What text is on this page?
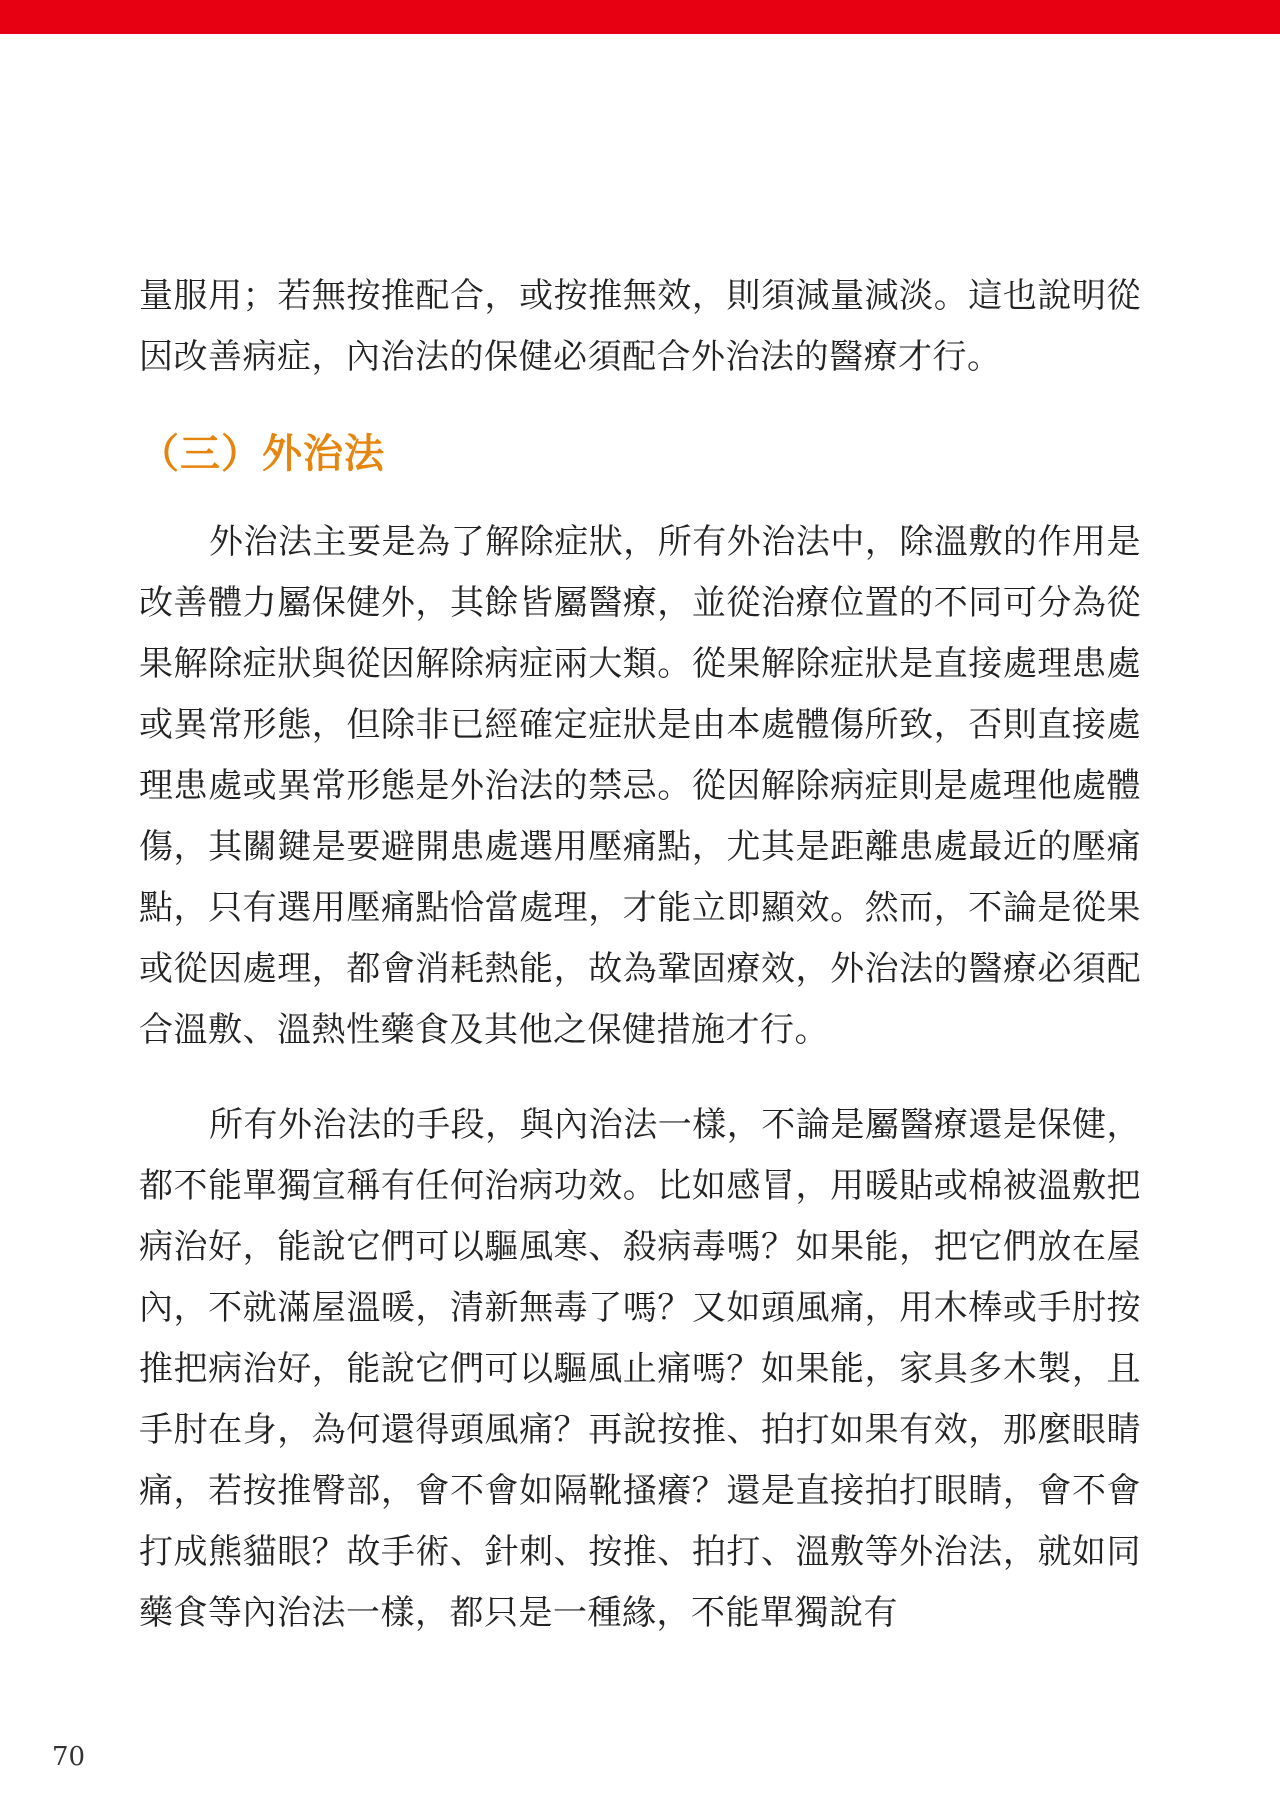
量服用；若無按推配合，或按推無效，則須減量減淡。這也說明從因改善病症，內治法的保健必須配合外治法的醫療才行。

（三）外治法

外治法主要是為了解除症狀，所有外治法中，除溫敷的作用是改善體力屬保健外，其餘皆屬醫療，並從治療位置的不同可分為從果解除症狀與從因解除病症兩大類。從果解除症狀是直接處理患處或異常形態，但除非已經確定症狀是由本處體傷所致，否則直接處理患處或異常形態是外治法的禁忌。從因解除病症則是處理他處體傷，其關鍵是要避開患處選用壓痛點，尤其是距離患處最近的壓痛點，只有選用壓痛點恰當處理，才能立即顯效。然而，不論是從果或從因處理，都會消耗熱能，故為鞏固療效，外治法的醫療必須配合溫敷、溫熱性藥食及其他之保健措施才行。

所有外治法的手段，與內治法一樣，不論是屬醫療還是保健，都不能單獨宣稱有任何治病功效。比如感冒，用暖貼或棉被溫敷把病治好，能說它們可以驅風寒、殺病毒嗎？如果能，把它們放在屋內，不就滿屋溫暖，清新無毒了嗎？又如頭風痛，用木棒或手肘按推把病治好，能說它們可以驅風止痛嗎？如果能，家具多木製，且手肘在身，為何還得頭風痛？再說按推、拍打如果有效，那麼眼睛痛，若按推臀部，會不會如隔靴搔癢？還是直接拍打眼睛，會不會打成熊貓眼？故手術、針刺、按推、拍打、溫敷等外治法，就如同藥食等內治法一樣，都只是一種緣，不能單獨說有

70
